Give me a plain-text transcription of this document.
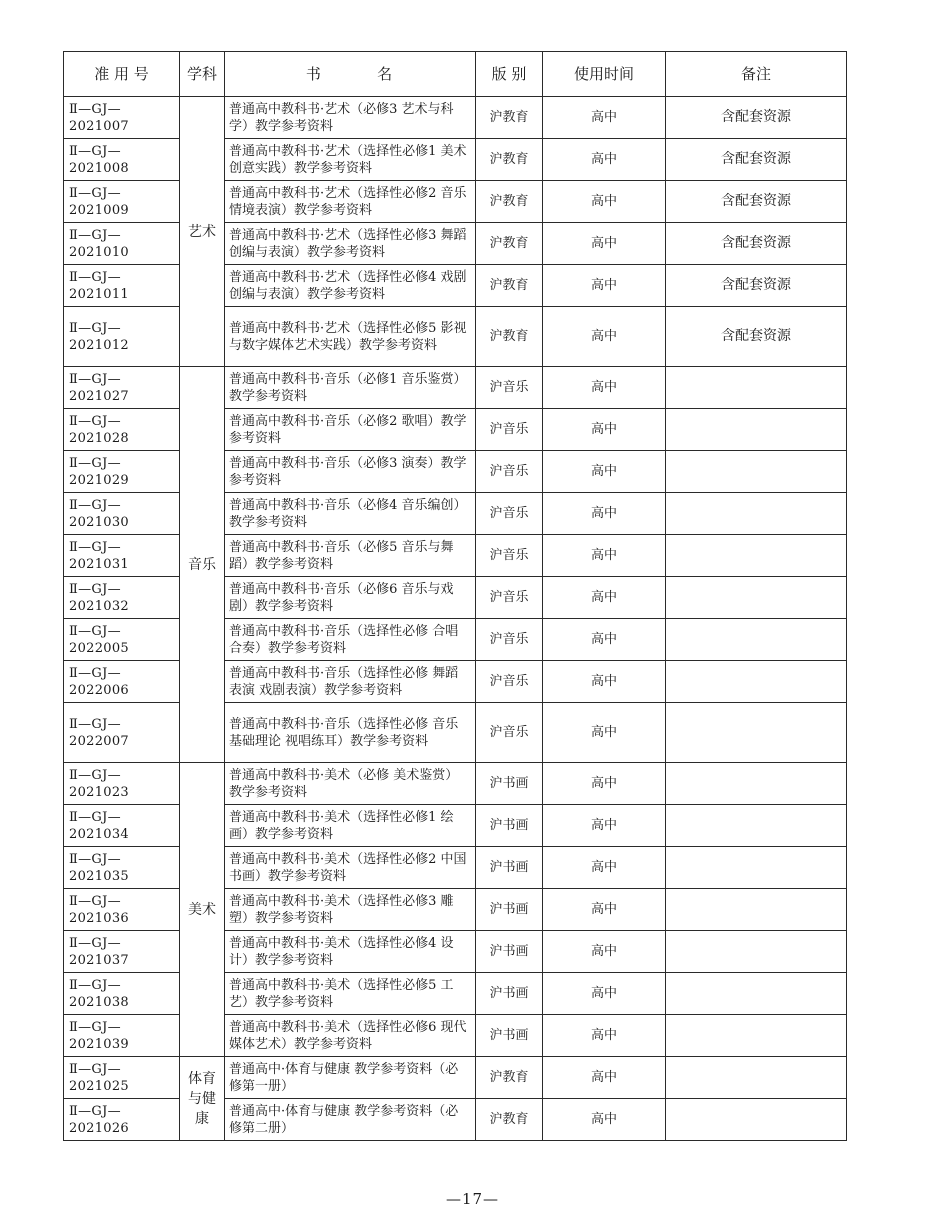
准 用 号	学科	书        名	版 别	使用时间	备注
Ⅱ—GJ—2021007	艺术	普通高中教科书·艺术（必修3 艺术与科学）教学参考资料	沪教育	高中	含配套资源
Ⅱ—GJ—2021008		普通高中教科书·艺术（选择性必修1 美术创意实践）教学参考资料	沪教育	高中	含配套资源
Ⅱ—GJ—2021009		普通高中教科书·艺术（选择性必修2 音乐情境表演）教学参考资料	沪教育	高中	含配套资源
Ⅱ—GJ—2021010		普通高中教科书·艺术（选择性必修3 舞蹈创编与表演）教学参考资料	沪教育	高中	含配套资源
Ⅱ—GJ—2021011		普通高中教科书·艺术（选择性必修4 戏剧创编与表演）教学参考资料	沪教育	高中	含配套资源
Ⅱ—GJ—2021012		普通高中教科书·艺术（选择性必修5 影视与数字媒体艺术实践）教学参考资料	沪教育	高中	含配套资源
Ⅱ—GJ—2021027	音乐	普通高中教科书·音乐（必修1 音乐鉴赏）教学参考资料	沪音乐	高中	
Ⅱ—GJ—2021028		普通高中教科书·音乐（必修2 歌唱）教学参考资料	沪音乐	高中	
Ⅱ—GJ—2021029		普通高中教科书·音乐（必修3 演奏）教学参考资料	沪音乐	高中	
Ⅱ—GJ—2021030		普通高中教科书·音乐（必修4 音乐编创）教学参考资料	沪音乐	高中	
Ⅱ—GJ—2021031		普通高中教科书·音乐（必修5 音乐与舞蹈）教学参考资料	沪音乐	高中	
Ⅱ—GJ—2021032		普通高中教科书·音乐（必修6 音乐与戏剧）教学参考资料	沪音乐	高中	
Ⅱ—GJ—2022005		普通高中教科书·音乐（选择性必修 合唱 合奏）教学参考资料	沪音乐	高中	
Ⅱ—GJ—2022006		普通高中教科书·音乐（选择性必修 舞蹈表演 戏剧表演）教学参考资料	沪音乐	高中	
Ⅱ—GJ—2022007		普通高中教科书·音乐（选择性必修 音乐基础理论 视唱练耳）教学参考资料	沪音乐	高中	
Ⅱ—GJ—2021023	美术	普通高中教科书·美术（必修 美术鉴赏）教学参考资料	沪书画	高中	
Ⅱ—GJ—2021034		普通高中教科书·美术（选择性必修1 绘画）教学参考资料	沪书画	高中	
Ⅱ—GJ—2021035		普通高中教科书·美术（选择性必修2 中国书画）教学参考资料	沪书画	高中	
Ⅱ—GJ—2021036		普通高中教科书·美术（选择性必修3 雕塑）教学参考资料	沪书画	高中	
Ⅱ—GJ—2021037		普通高中教科书·美术（选择性必修4 设计）教学参考资料	沪书画	高中	
Ⅱ—GJ—2021038		普通高中教科书·美术（选择性必修5 工艺）教学参考资料	沪书画	高中	
Ⅱ—GJ—2021039		普通高中教科书·美术（选择性必修6 现代媒体艺术）教学参考资料	沪书画	高中	
Ⅱ—GJ—2021025	体育与健康	普通高中·体育与健康 教学参考资料（必修第一册）	沪教育	高中	
Ⅱ—GJ—2021026		普通高中·体育与健康 教学参考资料（必修第二册）	沪教育	高中	
—17—
